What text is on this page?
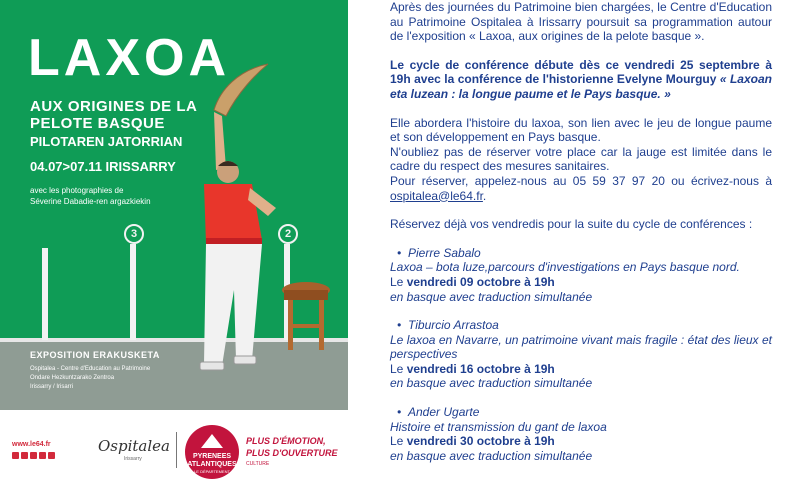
3	2
LAXOA
AUX ORIGINES DE LA
PELOTE BASQUE
PILOTAREN JATORRIAN
04.07>07.11 IRISSARRY
avec les photographies de
Séverine Dabadie-ren argazkiekin
EXPOSITION ERAKUSKETA
Ospitalea - Centre d'Education au Patrimoine
Ondare Hezkuntzarako Zentroa
Irissarry / Irisarri
www.le64.fr	Ospitalea
Irissarry	PYRENEES
ATLANTIQUES
LE DÉPARTEMENT
PLUS D'ÉMOTION,
PLUS D'OUVERTURE
CULTURE

Après des journées du Patrimoine bien chargées, le Centre d'Education au Patrimoine Ospitalea à Irissarry poursuit sa programmation autour de l'exposition « Laxoa, aux origines de la pelote basque ».

Le cycle de conférence débute dès ce vendredi 25 septembre à 19h avec la conférence de l'historienne Evelyne Mourguy « Laxoan eta luzean : la longue paume et le Pays basque. »

Elle abordera l'histoire du laxoa, son lien avec le jeu de longue paume et son développement en Pays basque.

N'oubliez pas de réserver votre place car la jauge est limitée dans le cadre du respect des mesures sanitaires.

Pour réserver, appelez-nous au 05 59 37 97 20 ou écrivez-nous à ospitalea@le64.fr.

Réservez déjà vos vendredis pour la suite du cycle de conférences :

• Pierre Sabalo

Laxoa – bota luze,parcours d'investigations en Pays basque nord.

Le vendredi 09 octobre à 19h

en basque avec traduction simultanée

• Tiburcio Arrastoa

Le laxoa en Navarre, un patrimoine vivant mais fragile : état des lieux et perspectives

Le vendredi 16 octobre à 19h

en basque avec traduction simultanée

• Ander Ugarte

Histoire et transmission du gant de laxoa

Le vendredi 30 octobre à 19h

en basque avec traduction simultanée
